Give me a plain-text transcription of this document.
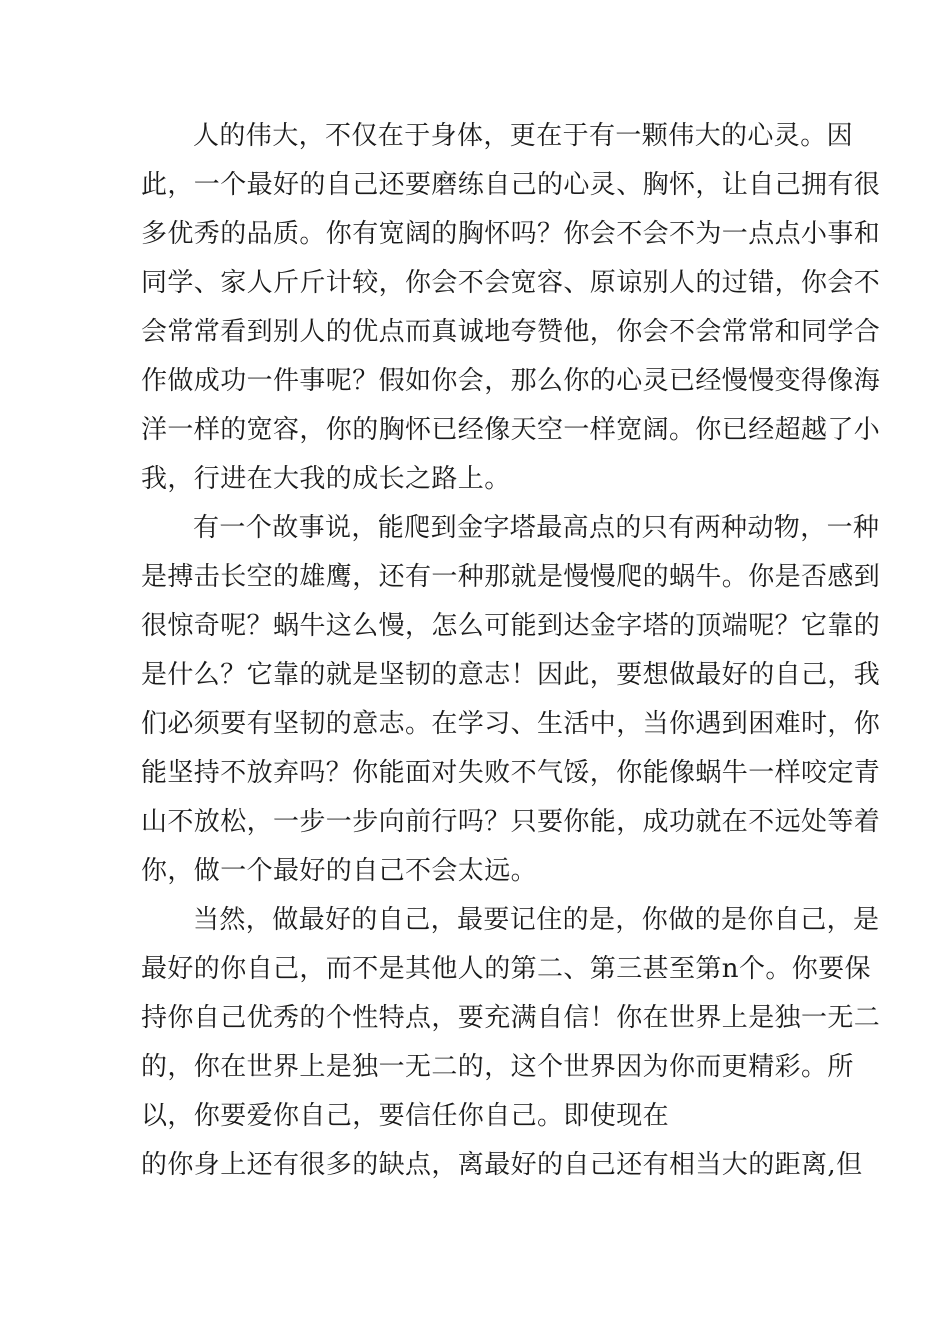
人的伟大，不仅在于身体，更在于有一颗伟大的心灵。因
此，一个最好的自己还要磨练自己的心灵、胸怀，让自己拥有很
多优秀的品质。你有宽阔的胸怀吗？你会不会不为一点点小事和
同学、家人斤斤计较，你会不会宽容、原谅别人的过错，你会不
会常常看到别人的优点而真诚地夸赞他，你会不会常常和同学合
作做成功一件事呢？假如你会，那么你的心灵已经慢慢变得像海
洋一样的宽容，你的胸怀已经像天空一样宽阔。你已经超越了小
我，行进在大我的成长之路上。
有一个故事说，能爬到金字塔最高点的只有两种动物，一种
是搏击长空的雄鹰，还有一种那就是慢慢爬的蜗牛。你是否感到
很惊奇呢？蜗牛这么慢，怎么可能到达金字塔的顶端呢？它靠的
是什么？它靠的就是坚韧的意志！因此，要想做最好的自己，我
们必须要有坚韧的意志。在学习、生活中，当你遇到困难时，你
能坚持不放弃吗？你能面对失败不气馁，你能像蜗牛一样咬定青
山不放松，一步一步向前行吗？只要你能，成功就在不远处等着
你，做一个最好的自己不会太远。
当然，做最好的自己，最要记住的是，你做的是你自己，是
最好的你自己，而不是其他人的第二、第三甚至第n个。你要保
持你自己优秀的个性特点，要充满自信！你在世界上是独一无二
的，你在世界上是独一无二的，这个世界因为你而更精彩。所
以，你要爱你自己，要信任你自己。即使现在
的你身上还有很多的缺点，离最好的自己还有相当大的距离,但
